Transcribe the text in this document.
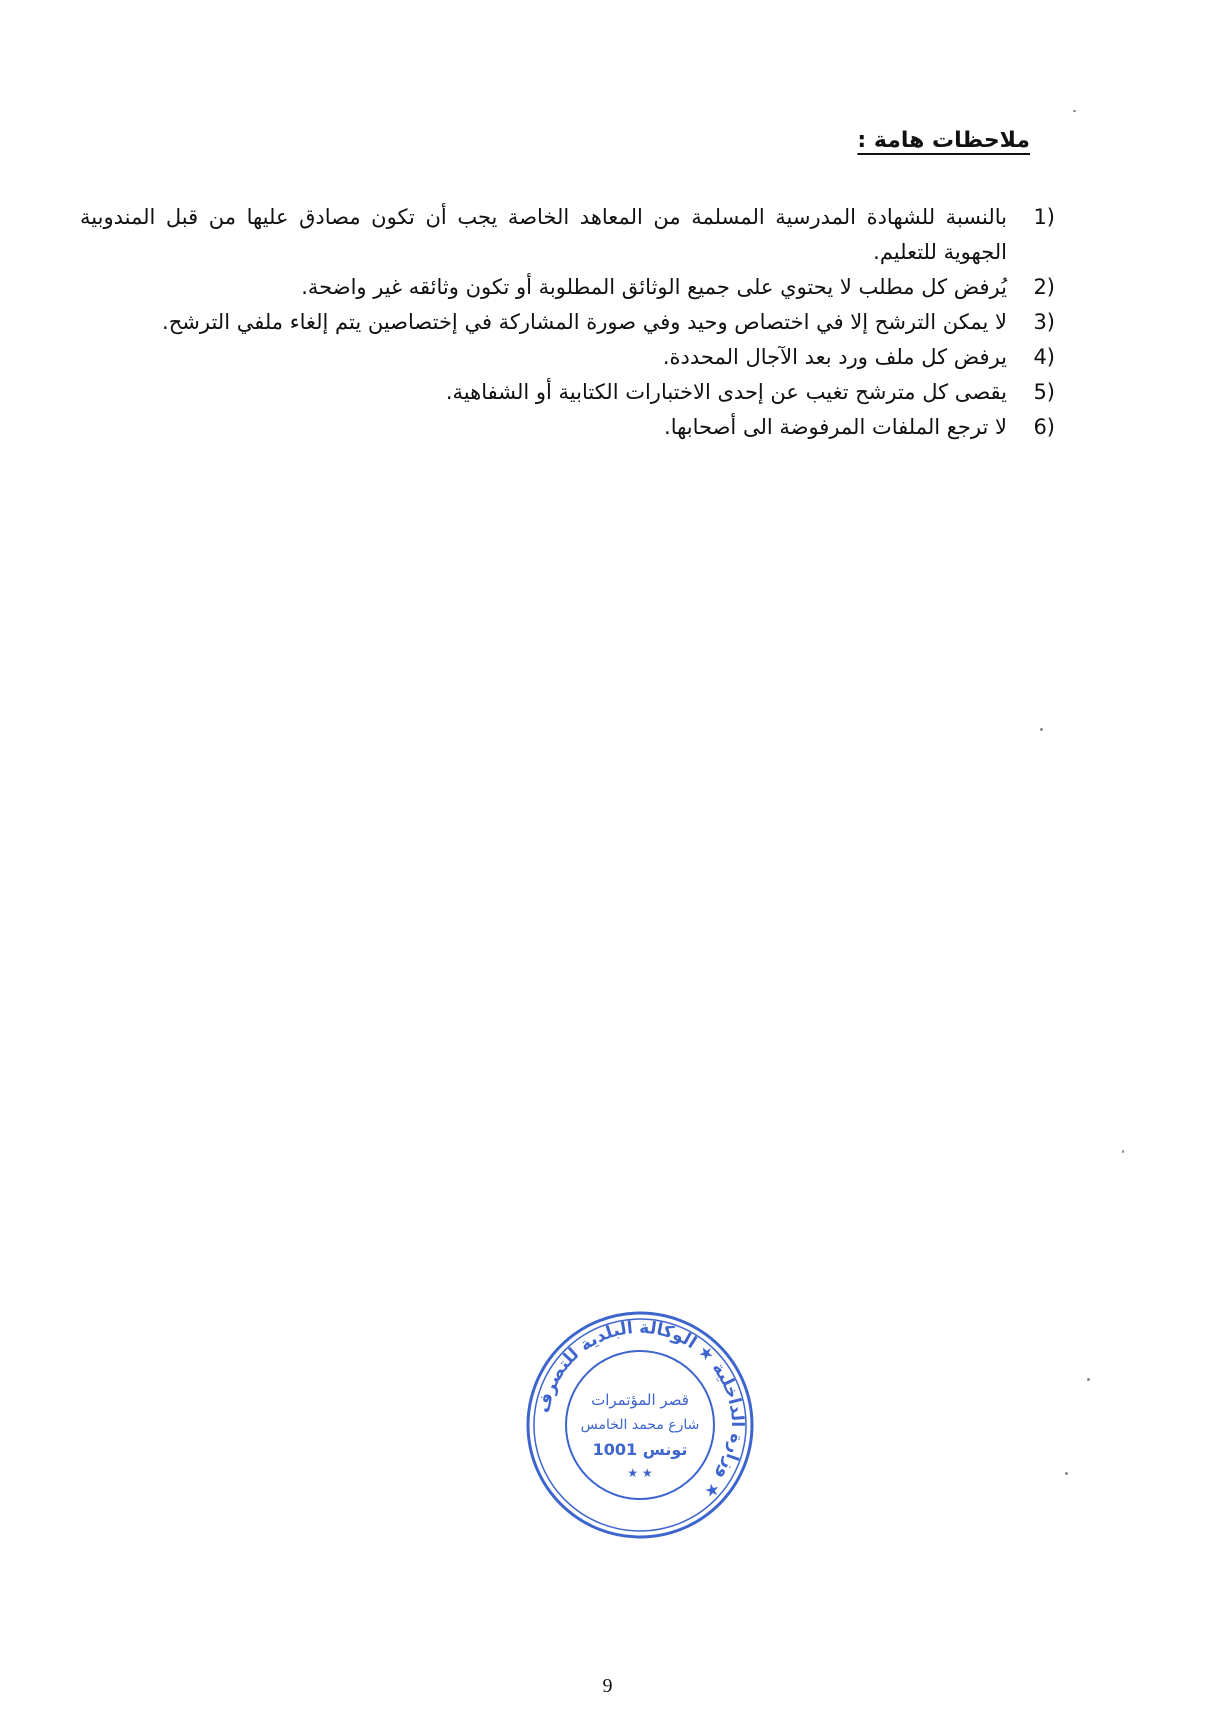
ملاحظات هامة :
1)
بالنسبة للشهادة المدرسية المسلمة من المعاهد الخاصة يجب أن تكون مصادق عليها من قبل المندوبية الجهوية للتعليم.
2)
يُرفض كل مطلب لا يحتوي على جميع الوثائق المطلوبة أو تكون وثائقه غير واضحة.
3)
لا يمكن الترشح إلا في اختصاص وحيد وفي صورة المشاركة في إختصاصين يتم إلغاء ملفي الترشح.
4)
يرفض كل ملف ورد بعد الآجال المحددة.
5)
يقصى كل مترشح تغيب عن إحدى الاختبارات الكتابية أو الشفاهية.
6)
لا ترجع الملفات المرفوضة الى أصحابها.
وزارة الداخلية ★ الوكالة البلدية للتصرف ★
قصر المؤتمرات
شارع محمد الخامس
1001 تونس
★ ★
9
